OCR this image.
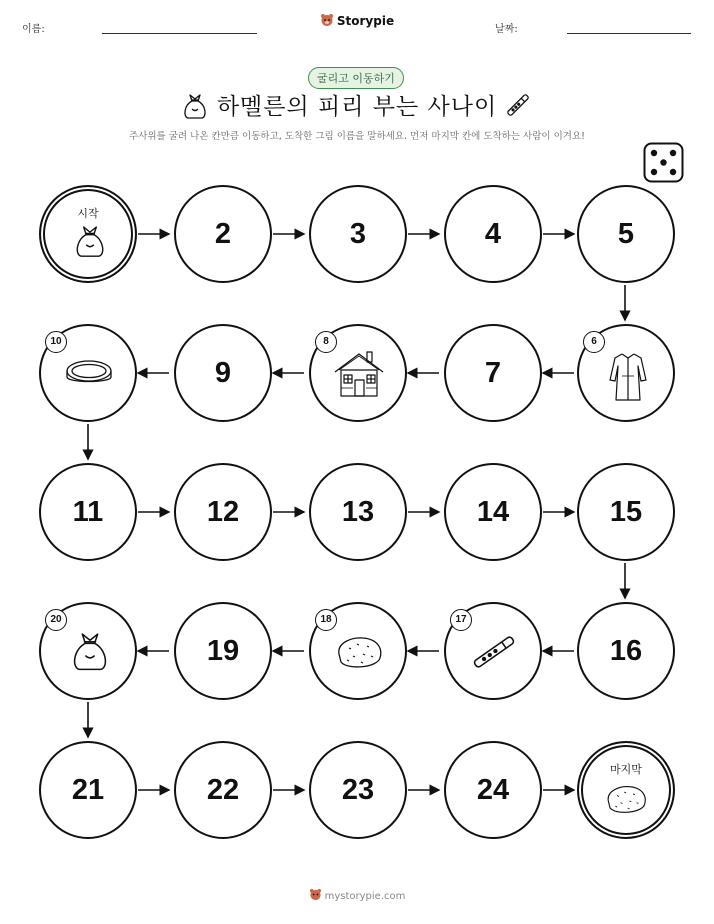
이름:
Storypie
날짜:
굴리고 이동하기
하멜른의 피리 부는 사나이
주사위를 굴려 나온 칸만큼 이동하고, 도착한 그림 이름을 말하세요. 먼저 마지막 칸에 도착하는 사람이 이겨요!
시작
2	3	4	5
9	7
11	12	13	14	15
19	16
21	22	23	24
마지막
6
8
10
17
18
20
mystorypie.com
